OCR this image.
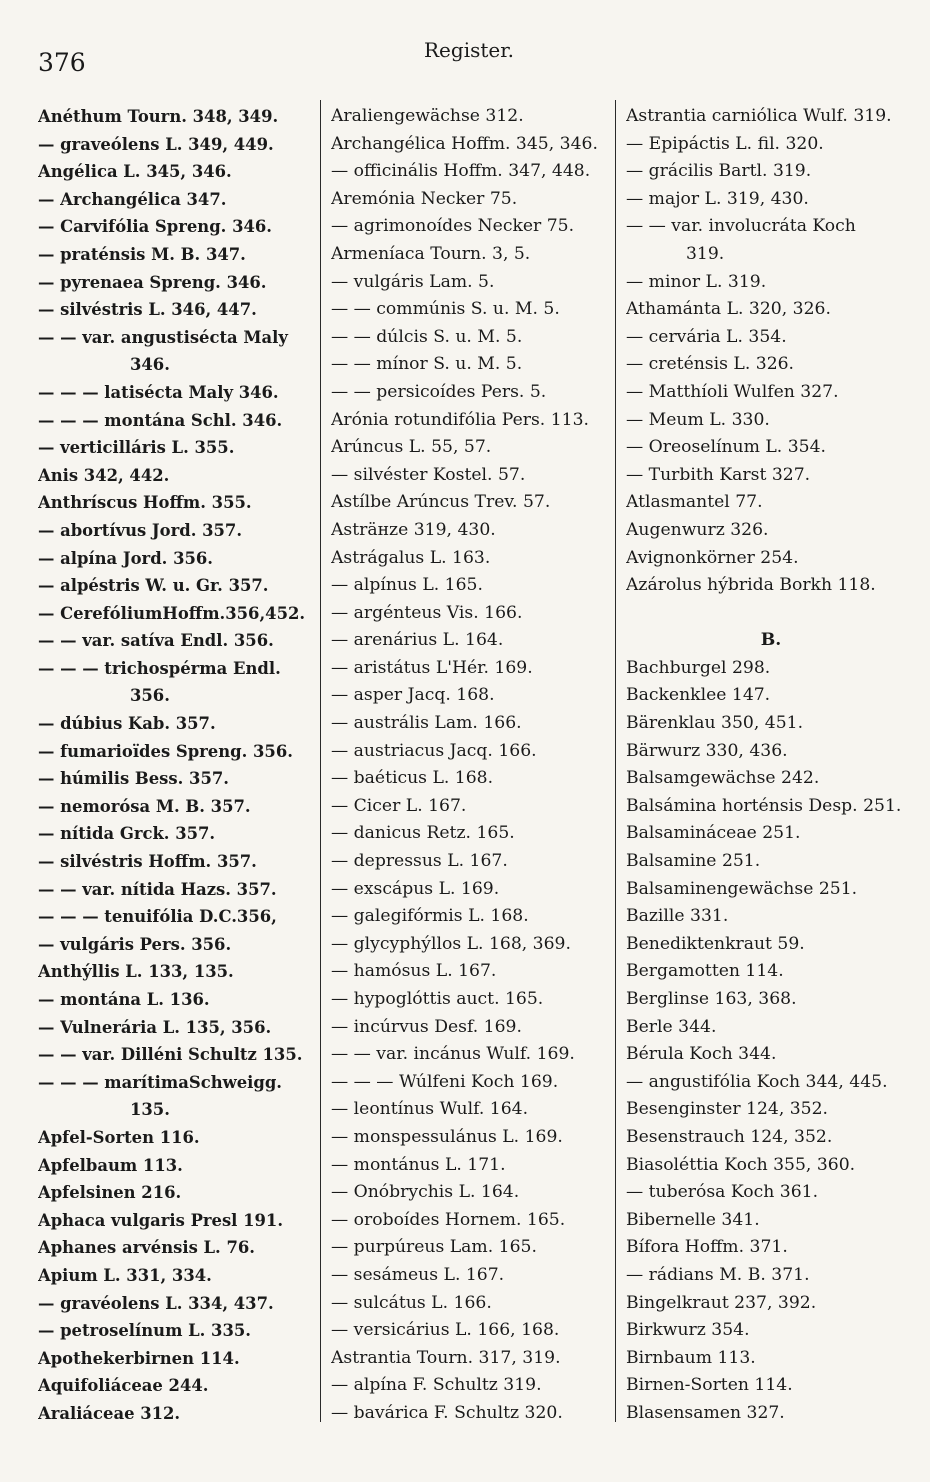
376	Register.
Anéthum Tourn. 348, 349.
— graveólens L. 349, 449.
Angélica L. 345, 346.
— Archangélica 347.
— Carvifólia Spreng. 346.
— praténsis M. B. 347.
— pyrenaea Spreng. 346.
— silvéstris L. 346, 447.
— — var. angustisécta Maly
346.
— — — latisécta Maly 346.
— — — montána Schl. 346.
— verticilláris L. 355.
Anis 342, 442.
Anthríscus Hoffm. 355.
— abortívus Jord. 357.
— alpína Jord. 356.
— alpéstris W. u. Gr. 357.
— CerefóliumHoffm.356,452.
— — var. satíva Endl. 356.
— — — trichospérma Endl.
356.
— dúbius Kab. 357.
— fumarioïdes Spreng. 356.
— húmilis Bess. 357.
— nemorósa M. B. 357.
— nítida Grck. 357.
— silvéstris Hoffm. 357.
— — var. nítida Hazs. 357.
— — — tenuifólia D.C.356,
— vulgáris Pers. 356.
Anthýllis L. 133, 135.
— montána L. 136.
— Vulnerária L. 135, 356.
— — var. Dilléni Schultz 135.
— — — marítimaSchweigg.
135.
Apfel-Sorten 116.
Apfelbaum 113.
Apfelsinen 216.
Aphaca vulgaris Presl 191.
Aphanes arvénsis L. 76.
Apium L. 331, 334.
— gravéolens L. 334, 437.
— petroselínum L. 335.
Apothekerbirnen 114.
Aquifoliáceae 244.
Araliáceae 312.
Araliengewächse 312.
Archangélica Hoffm. 345, 346.
— officinális Hoffm. 347, 448.
Aremónia Necker 75.
— agrimonoídes Necker 75.
Armeníaca Tourn. 3, 5.
— vulgáris Lam. 5.
— — commúnis S. u. M. 5.
— — dúlcis S. u. M. 5.
— — mínor S. u. M. 5.
— — persicoídes Pers. 5.
Arónia rotundifólia Pers. 113.
Arúncus L. 55, 57.
— silvéster Kostel. 57.
Astílbe Arúncus Trev. 57.
Asträнze 319, 430.
Astrágalus L. 163.
— alpínus L. 165.
— argénteus Vis. 166.
— arenárius L. 164.
— aristátus L'Hér. 169.
— asper Jacq. 168.
— austrális Lam. 166.
— austriacus Jacq. 166.
— baéticus L. 168.
— Cicer L. 167.
— danicus Retz. 165.
— depressus L. 167.
— exscápus L. 169.
— galegifórmis L. 168.
— glycyphýllos L. 168, 369.
— hamósus L. 167.
— hypoglóttis auct. 165.
— incúrvus Desf. 169.
— — var. incánus Wulf. 169.
— — — Wúlfeni Koch 169.
— leontínus Wulf. 164.
— monspessulánus L. 169.
— montánus L. 171.
— Onóbrychis L. 164.
— oroboídes Hornem. 165.
— purpúreus Lam. 165.
— sesámeus L. 167.
— sulcátus L. 166.
— versicárius L. 166, 168.
Astrantia Tourn. 317, 319.
— alpína F. Schultz 319.
— bavárica F. Schultz 320.
Astrantia carniólica Wulf. 319.
— Epipáctis L. fil. 320.
— grácilis Bartl. 319.
— major L. 319, 430.
— — var. involucráta Koch
319.
— minor L. 319.
Athamánta L. 320, 326.
— cervária L. 354.
— creténsis L. 326.
— Matthíoli Wulfen 327.
— Meum L. 330.
— Oreoselínum L. 354.
— Turbith Karst 327.
Atlasmantel 77.
Augenwurz 326.
Avignonkörner 254.
Azárolus hýbrida Borkh 118.
B.
Bachburgel 298.
Backenklee 147.
Bärenklau 350, 451.
Bärwurz 330, 436.
Balsamgewächse 242.
Balsámina horténsis Desp. 251.
Balsamináceae 251.
Balsamine 251.
Balsaminengewächse 251.
Bazille 331.
Benediktenkraut 59.
Bergamotten 114.
Berglinse 163, 368.
Berle 344.
Bérula Koch 344.
— angustifólia Koch 344, 445.
Besenginster 124, 352.
Besenstrauch 124, 352.
Biasoléttia Koch 355, 360.
— tuberósa Koch 361.
Bibernelle 341.
Bífora Hoffm. 371.
— rádians M. B. 371.
Bingelkraut 237, 392.
Birkwurz 354.
Birnbaum 113.
Birnen-Sorten 114.
Blasensamen 327.
